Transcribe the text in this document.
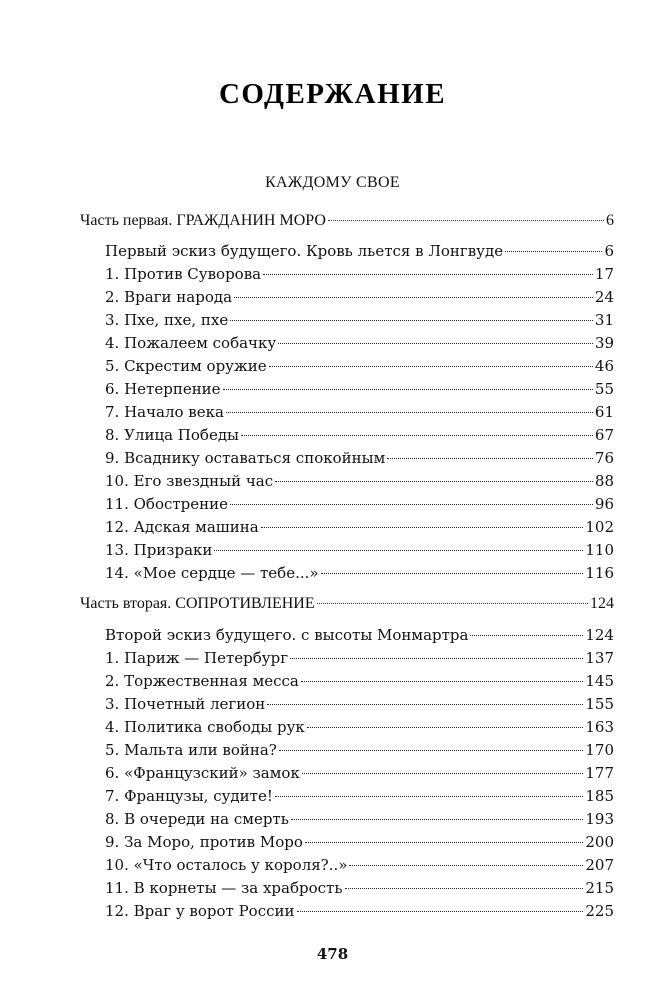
СОДЕРЖАНИЕ
КАЖДОМУ СВОЕ
Часть первая. ГРАЖДАНИН МОРО	6
Первый эскиз будущего. Кровь льется в Лонгвуде	6
1. Против Суворова	17
2. Враги народа	24
3. Пхе, пхе, пхе	31
4. Пожалеем собачку	39
5. Скрестим оружие	46
6. Нетерпение	55
7. Начало века	61
8. Улица Победы	67
9. Всаднику оставаться спокойным	76
10. Его звездный час	88
11. Обострение	96
12. Адская машина	102
13. Призраки	110
14. «Мое сердце — тебе...»	116
Часть вторая. СОПРОТИВЛЕНИЕ	124
Второй эскиз будущего. с высоты Монмартра	124
1. Париж — Петербург	137
2. Торжественная месса	145
3. Почетный легион	155
4. Политика свободы рук	163
5. Мальта или война?	170
6. «Французский» замок	177
7. Французы, судите!	185
8. В очереди на смерть	193
9. За Моро, против Моро	200
10. «Что осталось у короля?..»	207
11. В корнеты — за храбрость	215
12. Враг у ворот России	225
478
